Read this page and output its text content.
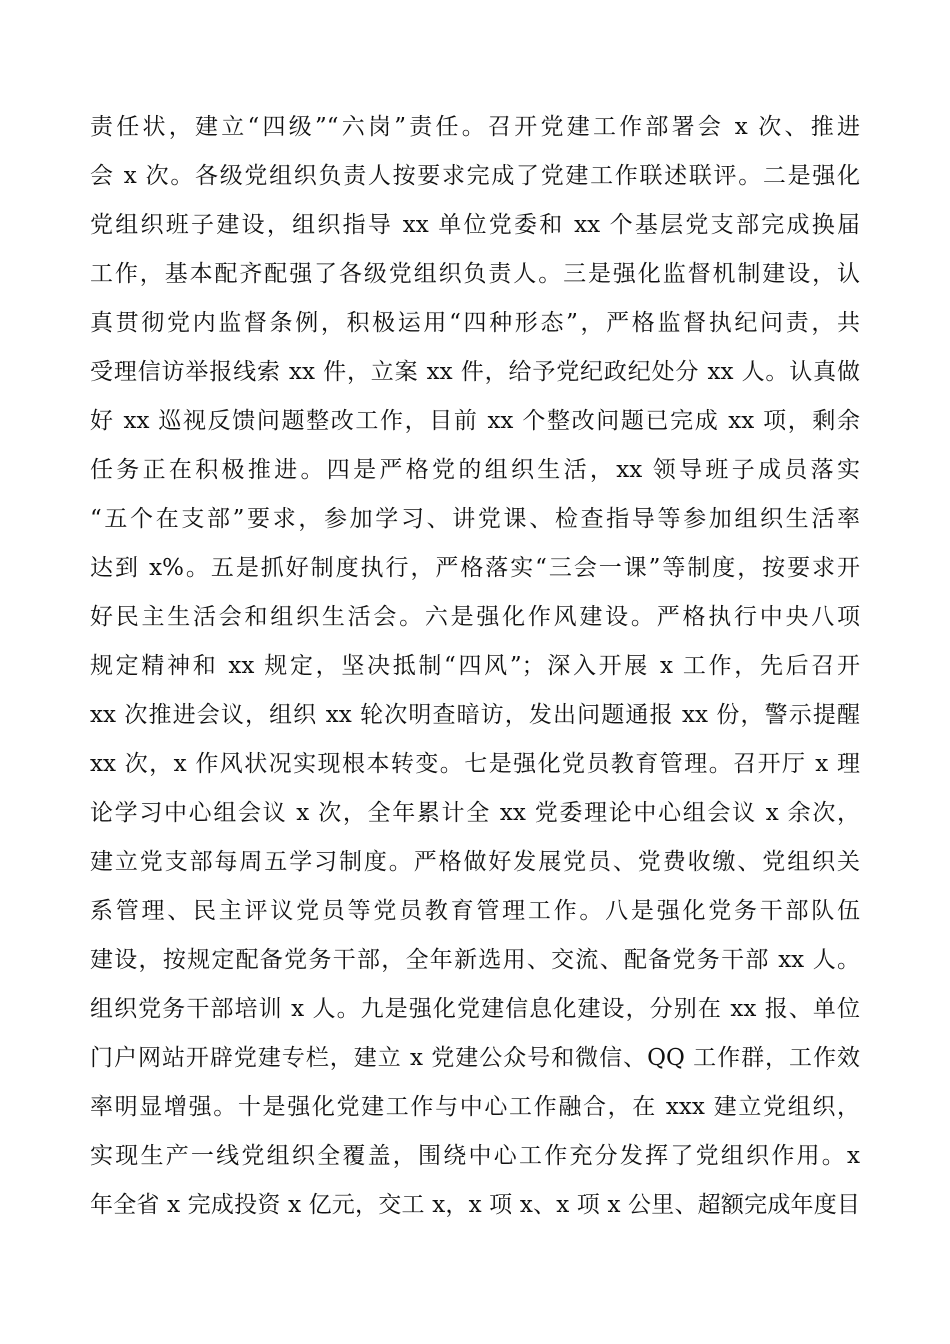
责任状，建立“四级”“六岗”责任。召开党建工作部署会 x 次、推进
会 x 次。各级党组织负责人按要求完成了党建工作联述联评。二是强化
党组织班子建设，组织指导 xx 单位党委和 xx 个基层党支部完成换届
工作，基本配齐配强了各级党组织负责人。三是强化监督机制建设，认
真贯彻党内监督条例，积极运用“四种形态”，严格监督执纪问责，共
受理信访举报线索 xx 件，立案 xx 件，给予党纪政纪处分 xx 人。认真做
好 xx 巡视反馈问题整改工作，目前 xx 个整改问题已完成 xx 项，剩余
任务正在积极推进。四是严格党的组织生活，xx 领导班子成员落实
“五个在支部”要求，参加学习、讲党课、检查指导等参加组织生活率
达到 x%。五是抓好制度执行，严格落实“三会一课”等制度，按要求开
好民主生活会和组织生活会。六是强化作风建设。严格执行中央八项
规定精神和 xx 规定，坚决抵制“四风”；深入开展 x 工作，先后召开
xx 次推进会议，组织 xx 轮次明查暗访，发出问题通报 xx 份，警示提醒
xx 次，x 作风状况实现根本转变。七是强化党员教育管理。召开厅 x 理
论学习中心组会议 x 次，全年累计全 xx 党委理论中心组会议 x 余次，
建立党支部每周五学习制度。严格做好发展党员、党费收缴、党组织关
系管理、民主评议党员等党员教育管理工作。八是强化党务干部队伍
建设，按规定配备党务干部，全年新选用、交流、配备党务干部 xx 人。
组织党务干部培训 x 人。九是强化党建信息化建设，分别在 xx 报、单位
门户网站开辟党建专栏，建立 x 党建公众号和微信、QQ 工作群，工作效
率明显增强。十是强化党建工作与中心工作融合，在 xxx 建立党组织，
实现生产一线党组织全覆盖，围绕中心工作充分发挥了党组织作用。x
年全省 x 完成投资 x 亿元，交工 x，x 项 x、x 项 x 公里、超额完成年度目
